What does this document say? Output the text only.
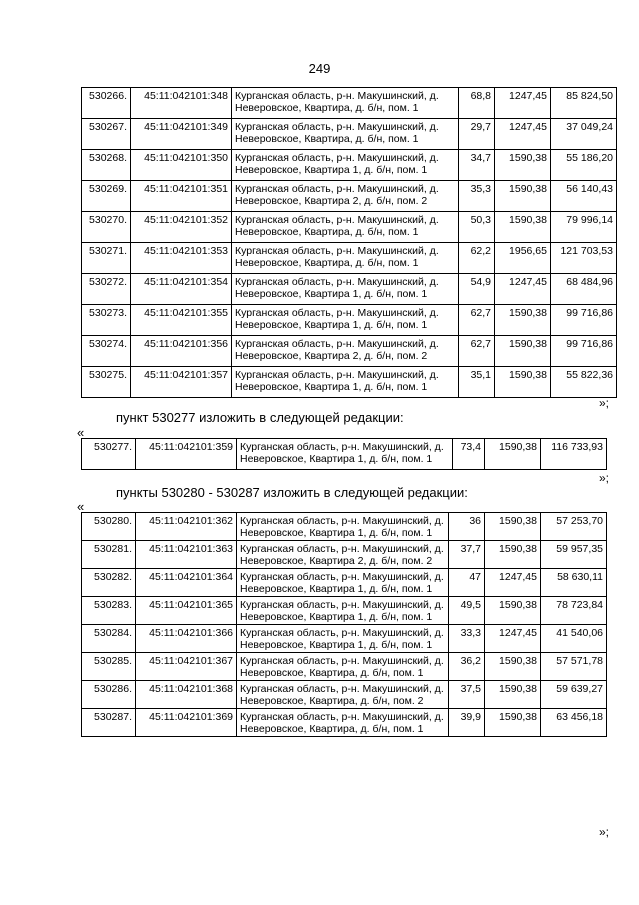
249
530266.	45:11:042101:348	Курганская область, р-н. Макушинский, д. Неверовское, Квартира, д. б/н, пом. 1	68,8	1247,45	85 824,50
530267.	45:11:042101:349	Курганская область, р-н. Макушинский, д. Неверовское, Квартира, д. б/н, пом. 1	29,7	1247,45	37 049,24
530268.	45:11:042101:350	Курганская область, р-н. Макушинский, д. Неверовское, Квартира 1, д. б/н, пом. 1	34,7	1590,38	55 186,20
530269.	45:11:042101:351	Курганская область, р-н. Макушинский, д. Неверовское, Квартира 2, д. б/н, пом. 2	35,3	1590,38	56 140,43
530270.	45:11:042101:352	Курганская область, р-н. Макушинский, д. Неверовское, Квартира, д. б/н, пом. 1	50,3	1590,38	79 996,14
530271.	45:11:042101:353	Курганская область, р-н. Макушинский, д. Неверовское, Квартира, д. б/н, пом. 1	62,2	1956,65	121 703,53
530272.	45:11:042101:354	Курганская область, р-н. Макушинский, д. Неверовское, Квартира 1, д. б/н, пом. 1	54,9	1247,45	68 484,96
530273.	45:11:042101:355	Курганская область, р-н. Макушинский, д. Неверовское, Квартира 1, д. б/н, пом. 1	62,7	1590,38	99 716,86
530274.	45:11:042101:356	Курганская область, р-н. Макушинский, д. Неверовское, Квартира 2, д. б/н, пом. 2	62,7	1590,38	99 716,86
530275.	45:11:042101:357	Курганская область, р-н. Макушинский, д. Неверовское, Квартира 1, д. б/н, пом. 1	35,1	1590,38	55 822,36
»;
пункт 530277 изложить в следующей редакции:
«
530277.	45:11:042101:359	Курганская область, р-н. Макушинский, д. Неверовское, Квартира 1, д. б/н, пом. 1	73,4	1590,38	116 733,93
»;
пункты 530280 - 530287 изложить в следующей редакции:
«
530280.	45:11:042101:362	Курганская область, р-н. Макушинский, д. Неверовское, Квартира 1, д. б/н, пом. 1	36	1590,38	57 253,70
530281.	45:11:042101:363	Курганская область, р-н. Макушинский, д. Неверовское, Квартира 2, д. б/н, пом. 2	37,7	1590,38	59 957,35
530282.	45:11:042101:364	Курганская область, р-н. Макушинский, д. Неверовское, Квартира 1, д. б/н, пом. 1	47	1247,45	58 630,11
530283.	45:11:042101:365	Курганская область, р-н. Макушинский, д. Неверовское, Квартира 1, д. б/н, пом. 1	49,5	1590,38	78 723,84
530284.	45:11:042101:366	Курганская область, р-н. Макушинский, д. Неверовское, Квартира 1, д. б/н, пом. 1	33,3	1247,45	41 540,06
530285.	45:11:042101:367	Курганская область, р-н. Макушинский, д. Неверовское, Квартира, д. б/н, пом. 1	36,2	1590,38	57 571,78
530286.	45:11:042101:368	Курганская область, р-н. Макушинский, д. Неверовское, Квартира, д. б/н, пом. 2	37,5	1590,38	59 639,27
530287.	45:11:042101:369	Курганская область, р-н. Макушинский, д. Неверовское, Квартира, д. б/н, пом. 1	39,9	1590,38	63 456,18
»;
